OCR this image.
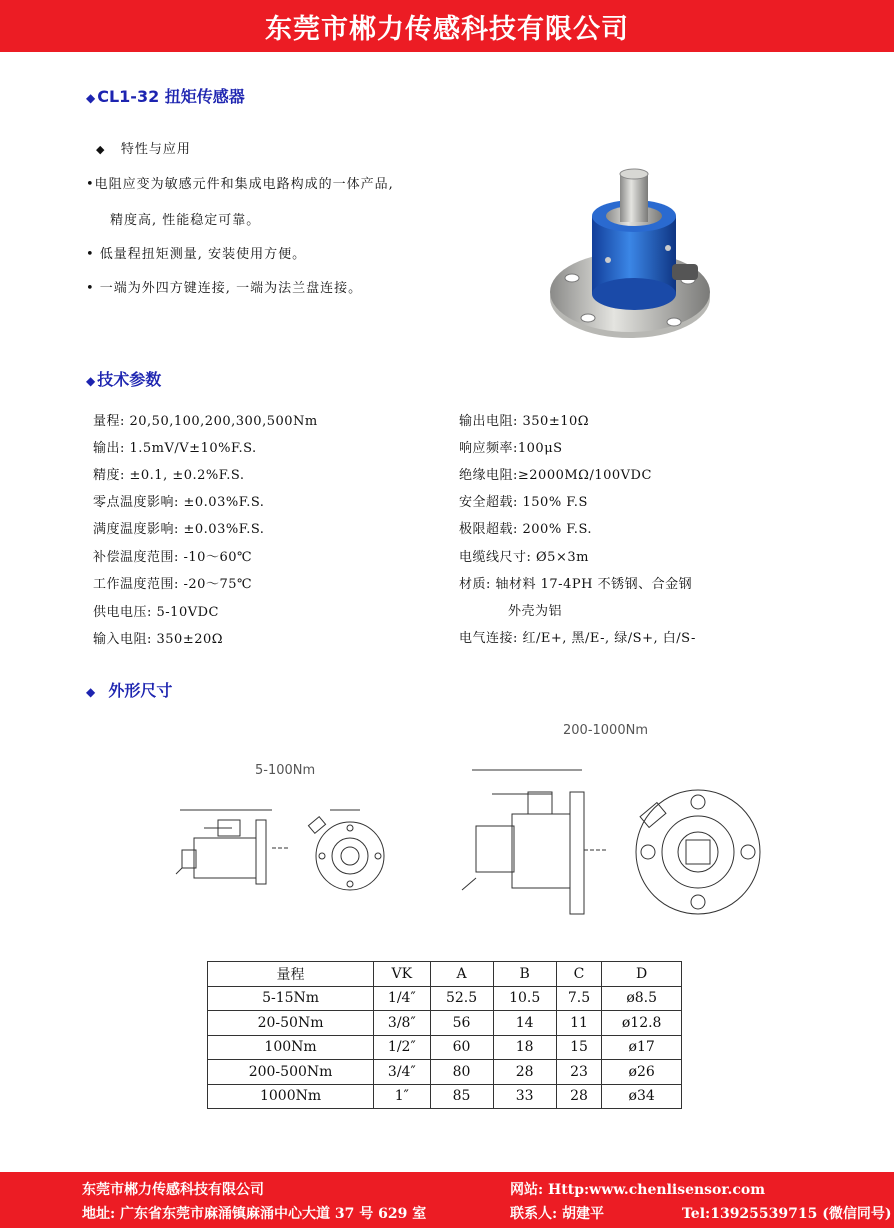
东莞市郴力传感科技有限公司
◆ CL1-32 扭矩传感器
◆ 特性与应用
•电阻应变为敏感元件和集成电路构成的一体产品,
精度高, 性能稳定可靠。
• 低量程扭矩测量, 安装使用方便。
• 一端为外四方键连接, 一端为法兰盘连接。
◆ 技术参数
量程: 20,50,100,200,300,500Nm
输出: 1.5mV/V±10%F.S.
精度: ±0.1, ±0.2%F.S.
零点温度影响: ±0.03%F.S.
满度温度影响: ±0.03%F.S.
补偿温度范围: -10～60℃
工作温度范围: -20～75℃
供电电压: 5-10VDC
输入电阻: 350±20Ω
输出电阻: 350±10Ω
响应频率:100μS
绝缘电阻:≥2000MΩ/100VDC
安全超载: 150% F.S
极限超载: 200% F.S.
电缆线尺寸: Ø5×3m
材质: 轴材料 17-4PH 不锈钢、合金钢
外壳为铝
电气连接: 红/E+, 黑/E-, 绿/S+, 白/S-
◆ 外形尺寸
5-100Nm
200-1000Nm
量程	VK	A	B	C	D
5-15Nm	1/4″	52.5	10.5	7.5	ø8.5
20-50Nm	3/8″	56	14	11	ø12.8
100Nm	1/2″	60	18	15	ø17
200-500Nm	3/4″	80	28	23	ø26
1000Nm	1″	85	33	28	ø34
东莞市郴力传感科技有限公司
地址: 广东省东莞市麻涌镇麻涌中心大道 37 号 629 室
网站: Http:www.chenlisensor.com
联系人: 胡建平	Tel:13925539715 (微信同号)
